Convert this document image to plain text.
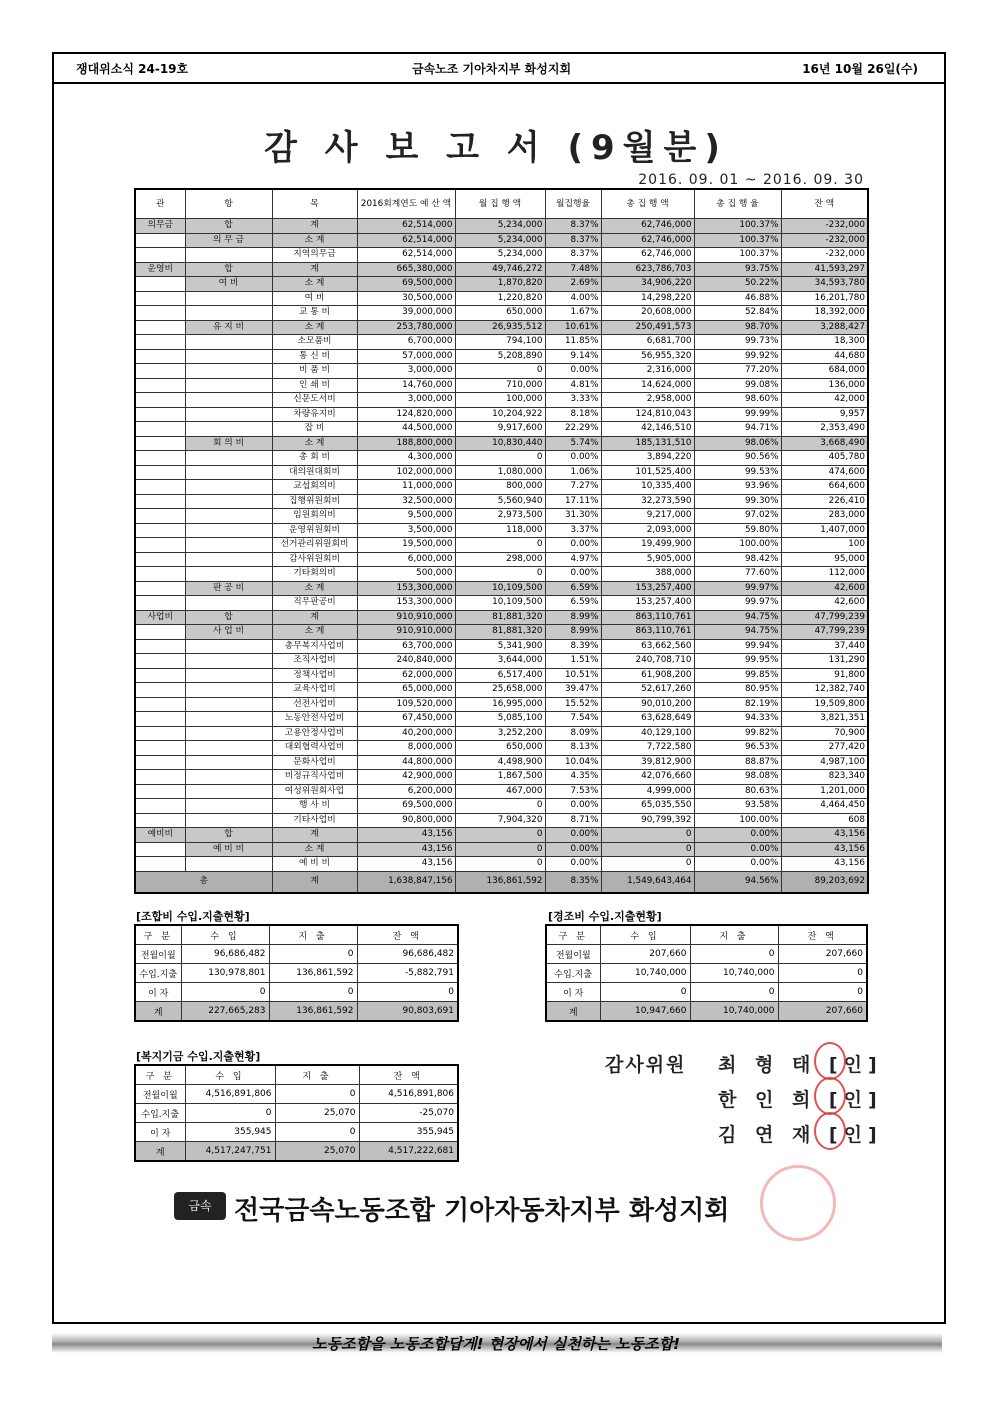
쟁대위소식 24-19호	금속노조 기아차지부 화성지회	16년 10월 26일(수)
감 사 보 고 서 (9월분)
2016. 09. 01 ~ 2016. 09. 30
관	항	목	2016회계연도 예 산 액	월 집 행 액	월집행율	총 집 행 액	총 집 행 율	잔 액
의무금	합	계	62,514,000	5,234,000	8.37%	62,746,000	100.37%	-232,000
	의 무 금	소 계	62,514,000	5,234,000	8.37%	62,746,000	100.37%	-232,000
		지역의무금	62,514,000	5,234,000	8.37%	62,746,000	100.37%	-232,000
운영비	합	계	665,380,000	49,746,272	7.48%	623,786,703	93.75%	41,593,297
	여 비	소 계	69,500,000	1,870,820	2.69%	34,906,220	50.22%	34,593,780
		여 비	30,500,000	1,220,820	4.00%	14,298,220	46.88%	16,201,780
		교 통 비	39,000,000	650,000	1.67%	20,608,000	52.84%	18,392,000
	유 지 비	소 계	253,780,000	26,935,512	10.61%	250,491,573	98.70%	3,288,427
		소모품비	6,700,000	794,100	11.85%	6,681,700	99.73%	18,300
		통 신 비	57,000,000	5,208,890	9.14%	56,955,320	99.92%	44,680
		비 품 비	3,000,000	0	0.00%	2,316,000	77.20%	684,000
		인 쇄 비	14,760,000	710,000	4.81%	14,624,000	99.08%	136,000
		신문도서비	3,000,000	100,000	3.33%	2,958,000	98.60%	42,000
		차량유지비	124,820,000	10,204,922	8.18%	124,810,043	99.99%	9,957
		잡 비	44,500,000	9,917,600	22.29%	42,146,510	94.71%	2,353,490
	회 의 비	소 계	188,800,000	10,830,440	5.74%	185,131,510	98.06%	3,668,490
		총 회 비	4,300,000	0	0.00%	3,894,220	90.56%	405,780
		대의원대회비	102,000,000	1,080,000	1.06%	101,525,400	99.53%	474,600
		교섭회의비	11,000,000	800,000	7.27%	10,335,400	93.96%	664,600
		집행위원회비	32,500,000	5,560,940	17.11%	32,273,590	99.30%	226,410
		임원회의비	9,500,000	2,973,500	31.30%	9,217,000	97.02%	283,000
		운영위원회비	3,500,000	118,000	3.37%	2,093,000	59.80%	1,407,000
		선거관리위원회비	19,500,000	0	0.00%	19,499,900	100.00%	100
		감사위원회비	6,000,000	298,000	4.97%	5,905,000	98.42%	95,000
		기타회의비	500,000	0	0.00%	388,000	77.60%	112,000
	판 공 비	소 계	153,300,000	10,109,500	6.59%	153,257,400	99.97%	42,600
		직무판공비	153,300,000	10,109,500	6.59%	153,257,400	99.97%	42,600
사업비	합	계	910,910,000	81,881,320	8.99%	863,110,761	94.75%	47,799,239
	사 업 비	소 계	910,910,000	81,881,320	8.99%	863,110,761	94.75%	47,799,239
		총무복지사업비	63,700,000	5,341,900	8.39%	63,662,560	99.94%	37,440
		조직사업비	240,840,000	3,644,000	1.51%	240,708,710	99.95%	131,290
		정책사업비	62,000,000	6,517,400	10.51%	61,908,200	99.85%	91,800
		교육사업비	65,000,000	25,658,000	39.47%	52,617,260	80.95%	12,382,740
		선전사업비	109,520,000	16,995,000	15.52%	90,010,200	82.19%	19,509,800
		노동안전사업비	67,450,000	5,085,100	7.54%	63,628,649	94.33%	3,821,351
		고용안정사업비	40,200,000	3,252,200	8.09%	40,129,100	99.82%	70,900
		대외협력사업비	8,000,000	650,000	8.13%	7,722,580	96.53%	277,420
		문화사업비	44,800,000	4,498,900	10.04%	39,812,900	88.87%	4,987,100
		비정규직사업비	42,900,000	1,867,500	4.35%	42,076,660	98.08%	823,340
		여성위원회사업	6,200,000	467,000	7.53%	4,999,000	80.63%	1,201,000
		행 사 비	69,500,000	0	0.00%	65,035,550	93.58%	4,464,450
		기타사업비	90,800,000	7,904,320	8.71%	90,799,392	100.00%	608
예비비	합	계	43,156	0	0.00%	0	0.00%	43,156
	예 비 비	소 계	43,156	0	0.00%	0	0.00%	43,156
		예 비 비	43,156	0	0.00%	0	0.00%	43,156
총		계	1,638,847,156	136,861,592	8.35%	1,549,643,464	94.56%	89,203,692
[조합비 수입.지출현황]
구 분	수 입	지 출	잔 액
전월이월	96,686,482	0	96,686,482
수입.지출	130,978,801	136,861,592	-5,882,791
이 자	0	0	0
계	227,665,283	136,861,592	90,803,691
[경조비 수입.지출현황]
구 분	수 입	지 출	잔 액
전월이월	207,660	0	207,660
수입.지출	10,740,000	10,740,000	0
이 자	0	0	0
계	10,947,660	10,740,000	207,660
[복지기금 수입.지출현황]
구 분	수 입	지 출	잔 액
전월이월	4,516,891,806	0	4,516,891,806
수입.지출	0	25,070	-25,070
이 자	355,945	0	355,945
계	4,517,247,751	25,070	4,517,222,681
감사위원 최 형 태 [인]
한 인 희 [인]
김 연 재 [인]
금속 전국금속노동조합 기아자동차지부 화성지회
노동조합을 노동조합답게! 현장에서 실천하는 노동조합!
